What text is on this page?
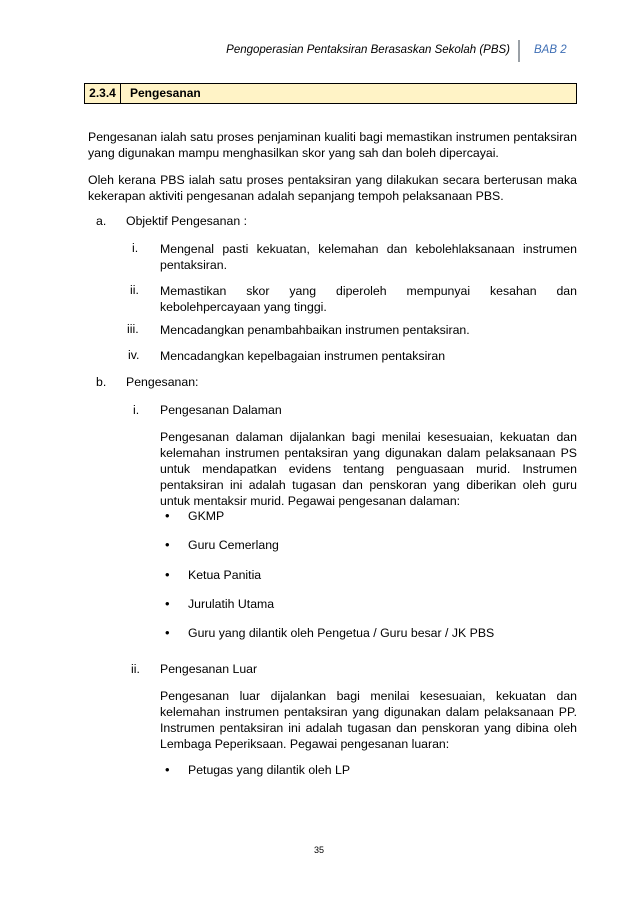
Pengoperasian Pentaksiran Berasaskan Sekolah (PBS) BAB 2
2.3.4	Pengesanan
Pengesanan ialah satu proses penjaminan kualiti bagi memastikan instrumen pentaksiran yang digunakan mampu menghasilkan skor yang sah dan boleh dipercayai.
Oleh kerana PBS ialah satu proses pentaksiran yang dilakukan secara berterusan maka kekerapan aktiviti pengesanan adalah sepanjang tempoh pelaksanaan PBS.
a. Objektif Pengesanan :
i. Mengenal pasti kekuatan, kelemahan dan kebolehlaksanaan instrumen pentaksiran.
ii. Memastikan skor yang diperoleh mempunyai kesahan dan kebolehpercayaan yang tinggi.
iii. Mencadangkan penambahbaikan instrumen pentaksiran.
iv. Mencadangkan kepelbagaian instrumen pentaksiran
b. Pengesanan:
i. Pengesanan Dalaman
Pengesanan dalaman dijalankan bagi menilai kesesuaian, kekuatan dan kelemahan instrumen pentaksiran yang digunakan dalam pelaksanaan PS untuk mendapatkan evidens tentang penguasaan murid. Instrumen pentaksiran ini adalah tugasan dan penskoran yang diberikan oleh guru untuk mentaksir murid. Pegawai pengesanan dalaman:
• GKMP
• Guru Cemerlang
• Ketua Panitia
• Jurulatih Utama
• Guru yang dilantik oleh Pengetua / Guru besar / JK PBS
ii. Pengesanan Luar
Pengesanan luar dijalankan bagi menilai kesesuaian, kekuatan dan kelemahan instrumen pentaksiran yang digunakan dalam pelaksanaan PP. Instrumen pentaksiran ini adalah tugasan dan penskoran yang dibina oleh Lembaga Peperiksaan. Pegawai pengesanan luaran:
• Petugas yang dilantik oleh LP
35
